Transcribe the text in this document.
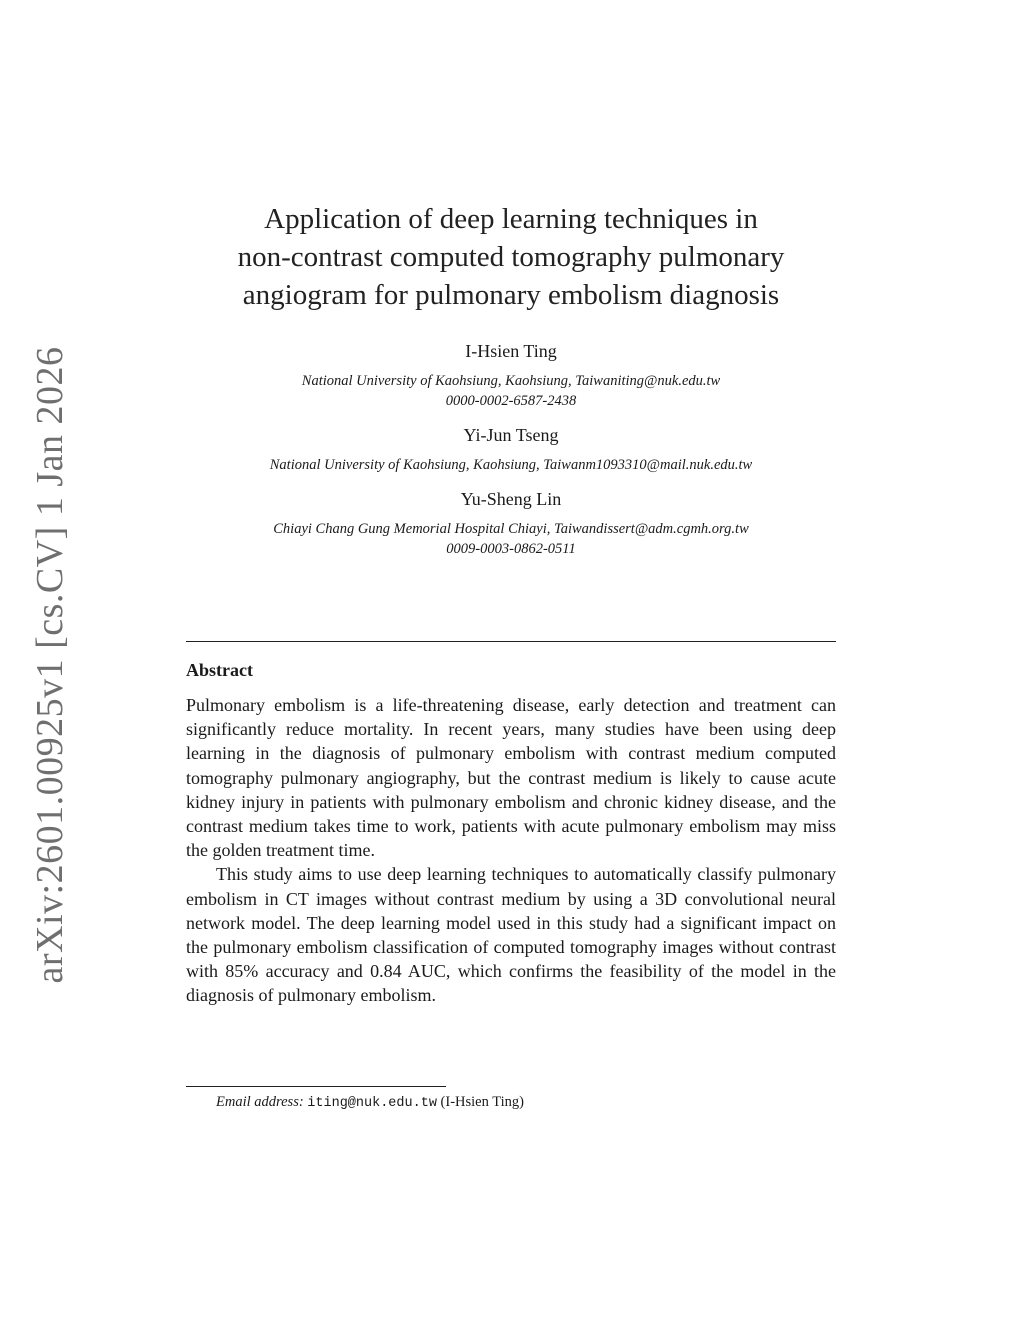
arXiv:2601.00925v1 [cs.CV] 1 Jan 2026
Application of deep learning techniques in
non-contrast computed tomography pulmonary
angiogram for pulmonary embolism diagnosis
I-Hsien Ting
National University of Kaohsiung, Kaohsiung, Taiwaniting@nuk.edu.tw
0000-0002-6587-2438
Yi-Jun Tseng
National University of Kaohsiung, Kaohsiung, Taiwanm1093310@mail.nuk.edu.tw
Yu-Sheng Lin
Chiayi Chang Gung Memorial Hospital Chiayi, Taiwandissert@adm.cgmh.org.tw
0009-0003-0862-0511
Abstract

Pulmonary embolism is a life-threatening disease, early detection and treatment can significantly reduce mortality. In recent years, many studies have been using deep learning in the diagnosis of pulmonary embolism with contrast medium computed tomography pulmonary angiography, but the contrast medium is likely to cause acute kidney injury in patients with pulmonary embolism and chronic kidney disease, and the contrast medium takes time to work, patients with acute pulmonary embolism may miss the golden treatment time.

This study aims to use deep learning techniques to automatically classify pulmonary embolism in CT images without contrast medium by using a 3D convolutional neural network model. The deep learning model used in this study had a significant impact on the pulmonary embolism classification of computed tomography images without contrast with 85% accuracy and 0.84 AUC, which confirms the feasibility of the model in the diagnosis of pulmonary embolism.

Email address: iting@nuk.edu.tw (I-Hsien Ting)
